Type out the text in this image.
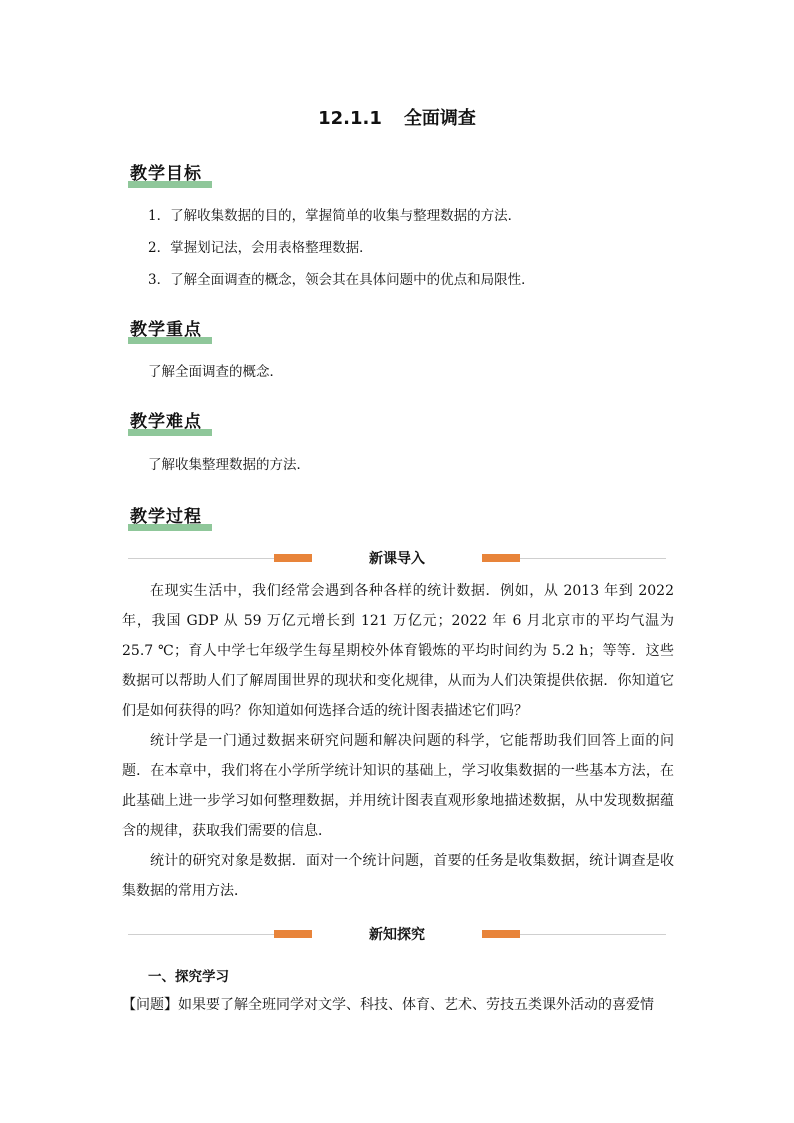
12.1.1 全面调查
教学目标
1．了解收集数据的目的，掌握简单的收集与整理数据的方法．
2．掌握划记法，会用表格整理数据．
3．了解全面调查的概念，领会其在具体问题中的优点和局限性．
教学重点
了解全面调查的概念．
教学难点
了解收集整理数据的方法．
教学过程
新课导入

在现实生活中，我们经常会遇到各种各样的统计数据．例如，从 2013 年到 2022 年，我国 GDP 从 59 万亿元增长到 121 万亿元；2022 年 6 月北京市的平均气温为 25.7 ℃；育人中学七年级学生每星期校外体育锻炼的平均时间约为 5.2 h；等等．这些数据可以帮助人们了解周围世界的现状和变化规律，从而为人们决策提供依据．你知道它们是如何获得的吗？你知道如何选择合适的统计图表描述它们吗？

统计学是一门通过数据来研究问题和解决问题的科学，它能帮助我们回答上面的问题．在本章中，我们将在小学所学统计知识的基础上，学习收集数据的一些基本方法，在此基础上进一步学习如何整理数据，并用统计图表直观形象地描述数据，从中发现数据蕴含的规律，获取我们需要的信息．

统计的研究对象是数据．面对一个统计问题，首要的任务是收集数据，统计调查是收集数据的常用方法．

新知探究
一、探究学习
【问题】如果要了解全班同学对文学、科技、体育、艺术、劳技五类课外活动的喜爱情
